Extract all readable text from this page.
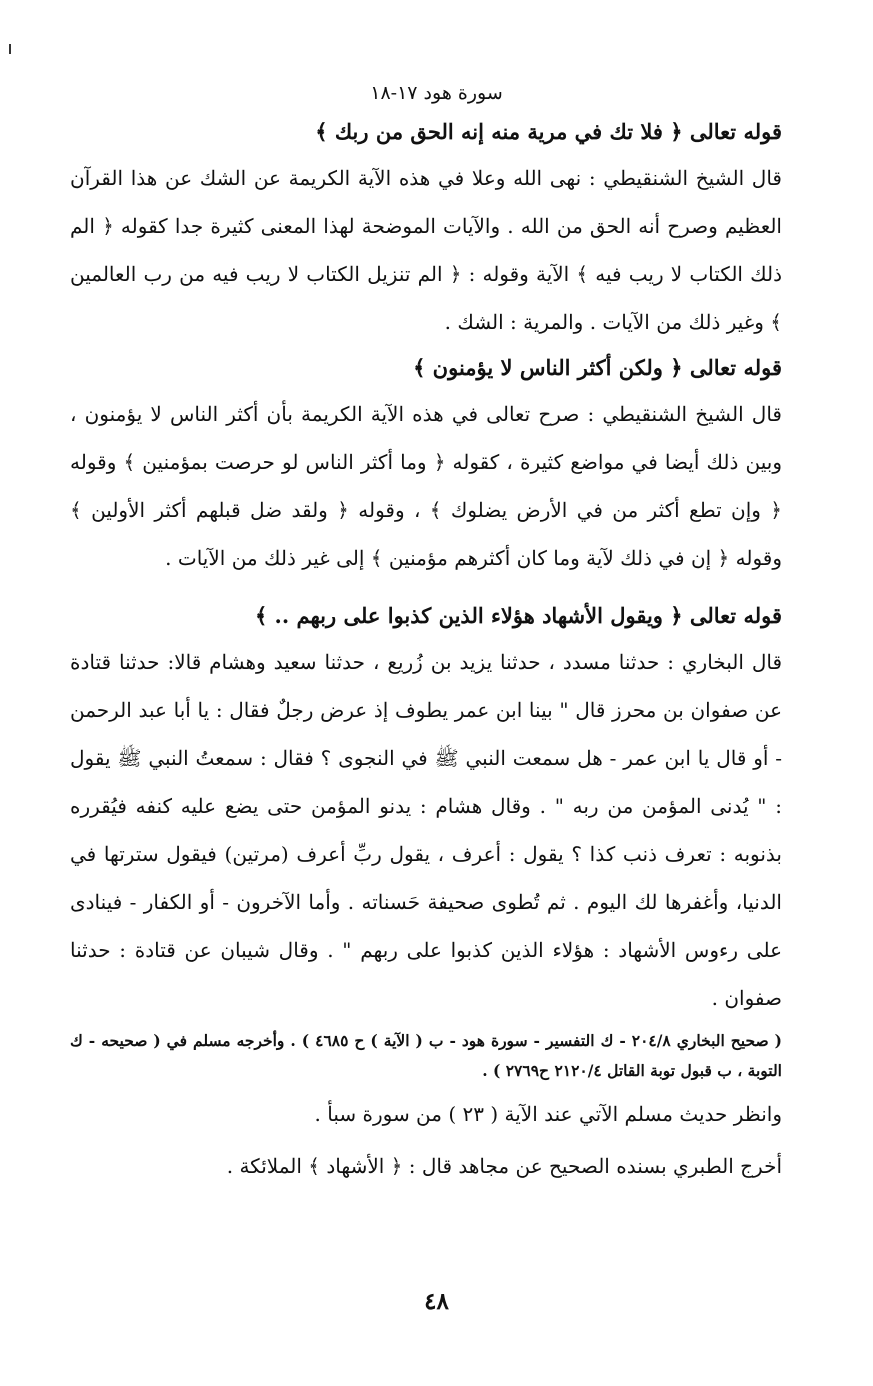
سورة هود ١٧-١٨
قوله تعالى ﴿ فلا تك في مرية منه إنه الحق من ربك ﴾

قال الشيخ الشنقيطي : نهى الله وعلا في هذه الآية الكريمة عن الشك عن هذا القرآن العظيم وصرح أنه الحق من الله . والآيات الموضحة لهذا المعنى كثيرة جدا كقوله ﴿ الم ذلك الكتاب لا ريب فيه ﴾ الآية وقوله : ﴿ الم تنزيل الكتاب لا ريب فيه من رب العالمين ﴾ وغير ذلك من الآيات . والمرية : الشك .

قوله تعالى ﴿ ولكن أكثر الناس لا يؤمنون ﴾

قال الشيخ الشنقيطي : صرح تعالى في هذه الآية الكريمة بأن أكثر الناس لا يؤمنون ، وبين ذلك أيضا في مواضع كثيرة ، كقوله ﴿ وما أكثر الناس لو حرصت بمؤمنين ﴾ وقوله ﴿ وإن تطع أكثر من في الأرض يضلوك ﴾ ، وقوله ﴿ ولقد ضل قبلهم أكثر الأولين ﴾ وقوله ﴿ إن في ذلك لآية وما كان أكثرهم مؤمنين ﴾ إلى غير ذلك من الآيات .

قوله تعالى ﴿ ويقول الأشهاد هؤلاء الذين كذبوا على ربهم .. ﴾

قال البخاري : حدثنا مسدد ، حدثنا يزيد بن زُريع ، حدثنا سعيد وهشام قالا: حدثنا قتادة عن صفوان بن محرز قال " بينا ابن عمر يطوف إذ عرض رجلٌ فقال : يا أبا عبد الرحمن - أو قال يا ابن عمر - هل سمعت النبي ﷺ في النجوى ؟ فقال : سمعتُ النبي ﷺ يقول : " يُدنى المؤمن من ربه " . وقال هشام : يدنو المؤمن حتى يضع عليه كنفه فيُقرره بذنوبه : تعرف ذنب كذا ؟ يقول : أعرف ، يقول ربِّ أعرف (مرتين) فيقول سترتها في الدنيا، وأغفرها لك اليوم . ثم تُطوى صحيفة حَسناته . وأما الآخرون - أو الكفار - فينادى على رءوس الأشهاد : هؤلاء الذين كذبوا على ربهم " . وقال شيبان عن قتادة : حدثنا صفوان .

( صحيح البخاري ٢٠٤/٨ - ك التفسير - سورة هود - ب ( الآية ) ح ٤٦٨٥ ) . وأخرجه مسلم في ( صحيحه - ك التوبة ، ب قبول توبة القاتل ٢١٢٠/٤ ح٢٧٦٩ ) .

وانظر حديث مسلم الآتي عند الآية ( ٢٣ ) من سورة سبأ .

أخرج الطبري بسنده الصحيح عن مجاهد قال : ﴿ الأشهاد ﴾ الملائكة .

٤٨
